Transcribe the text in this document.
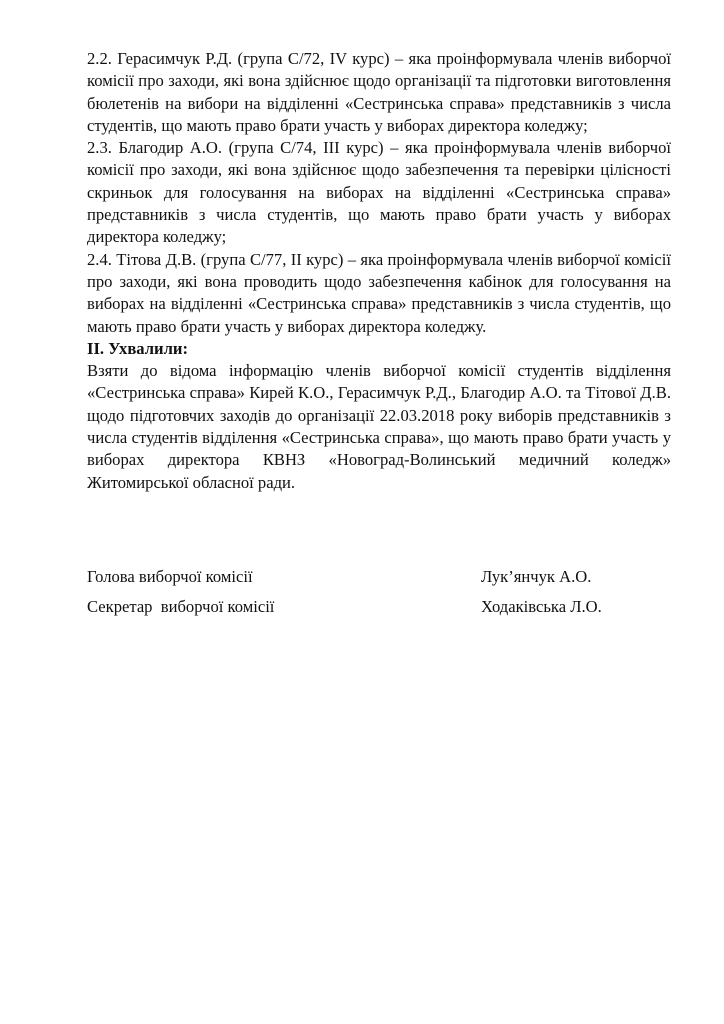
2.2. Герасимчук Р.Д. (група С/72, IV курс) – яка проінформувала членів виборчої комісії про заходи, які вона здійснює щодо організації та підготовки виготовлення бюлетенів на вибори на відділенні «Сестринська справа» представників з числа студентів, що мають право брати участь у виборах директора коледжу;

2.3. Благодир А.О. (група С/74, ІІІ курс) – яка проінформувала членів виборчої комісії про заходи, які вона здійснює щодо забезпечення та перевірки цілісності скриньок для голосування на виборах на відділенні «Сестринська справа» представників з числа студентів, що мають право брати участь у виборах директора коледжу;

2.4. Тітова Д.В. (група С/77, ІІ курс) – яка проінформувала членів виборчої комісії про заходи, які вона проводить щодо забезпечення кабінок для голосування на виборах на відділенні «Сестринська справа» представників з числа студентів, що мають право брати участь у виборах директора коледжу.

ІІ. Ухвалили:

Взяти до відома інформацію членів виборчої комісії студентів відділення «Сестринська справа» Кирей К.О., Герасимчук Р.Д., Благодир А.О. та Тітової Д.В. щодо підготовчих заходів до організації 22.03.2018 року виборів представників з числа студентів відділення «Сестринська справа», що мають право брати участь у виборах директора КВНЗ «Новоград-Волинський медичний коледж» Житомирської обласної ради.

Голова виборчої комісії	Лук’янчук А.О.
Секретар  виборчої комісії	Ходаківська Л.О.
